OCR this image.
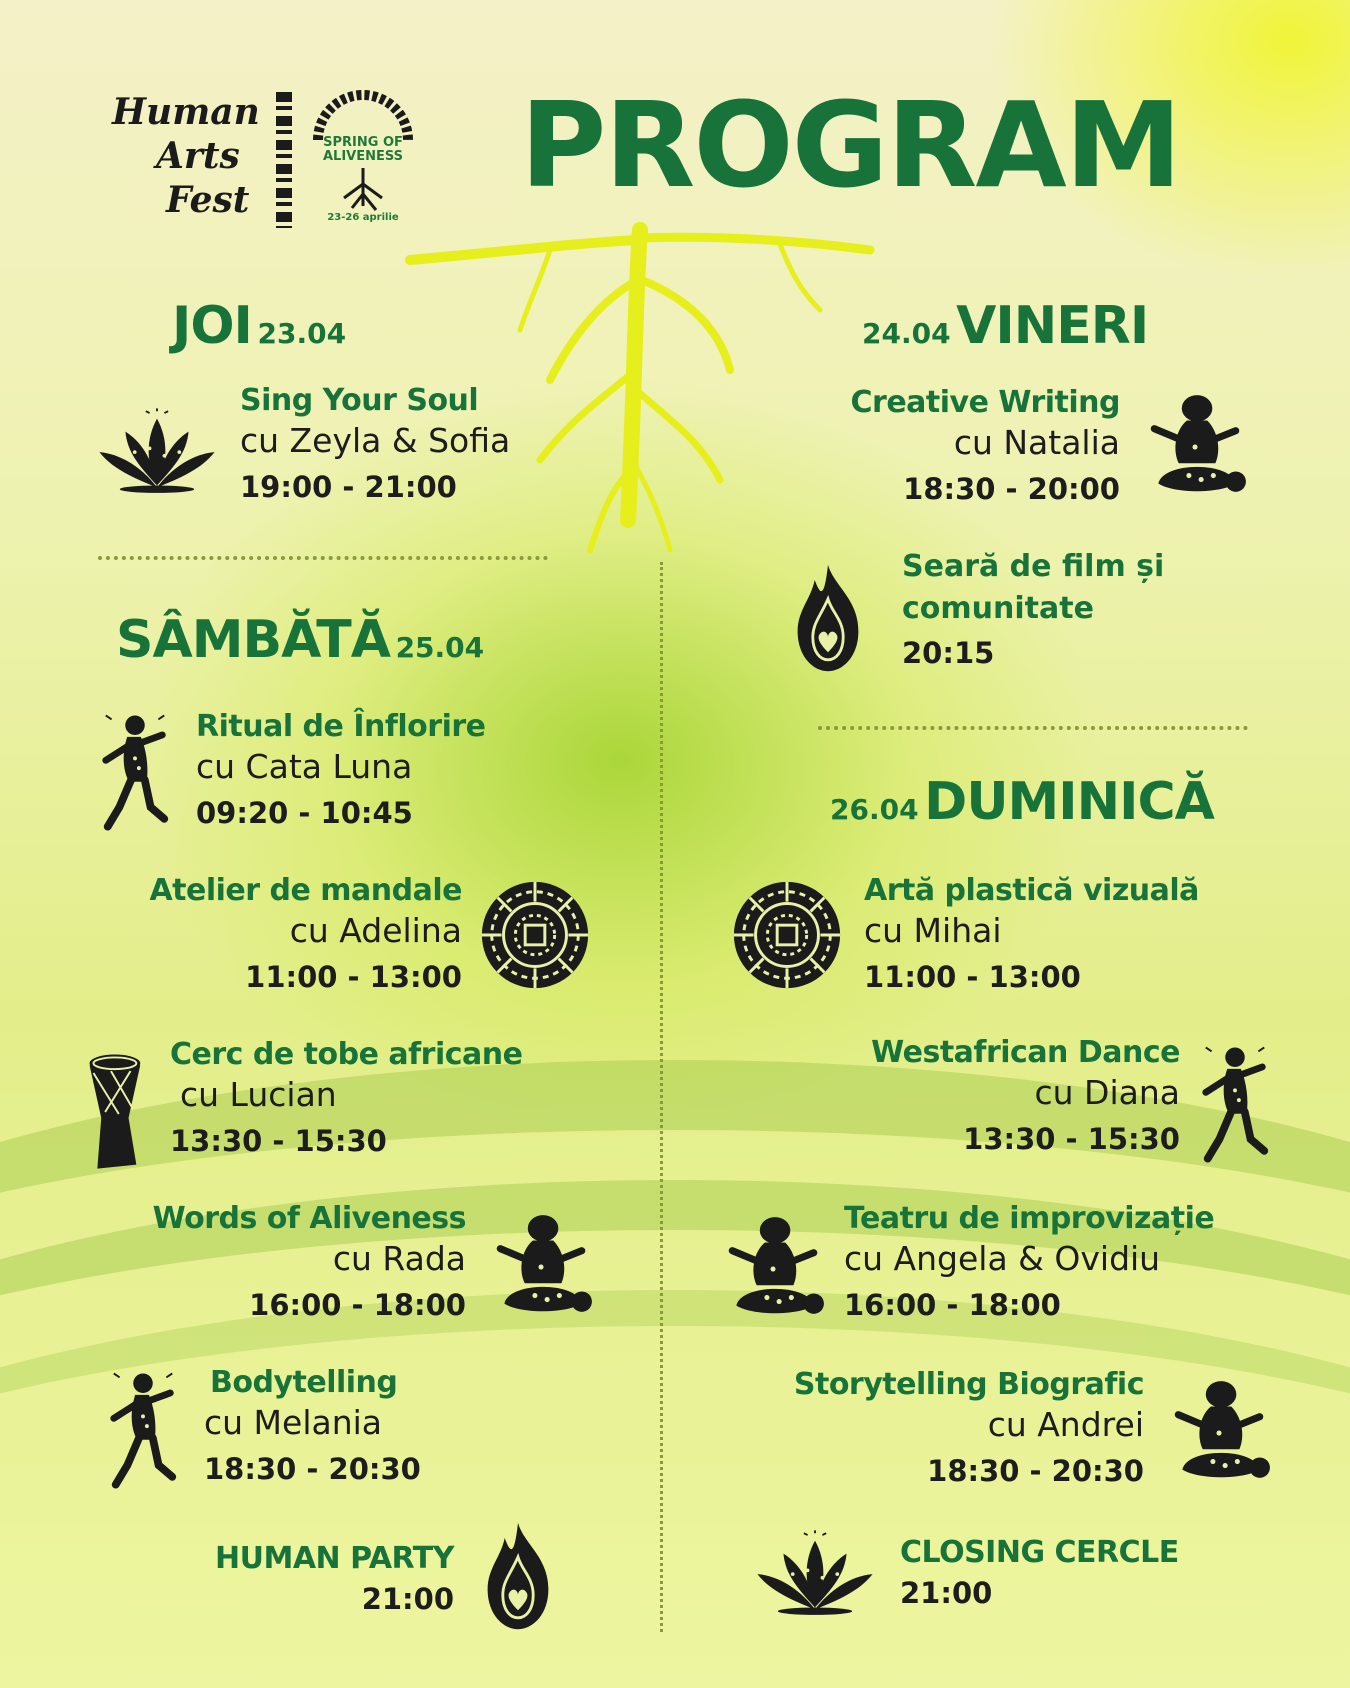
Human
Arts
Fest
SPRING OF
ALIVENESS
23-26 aprilie
PROGRAM
JOI 23.04	24.04 VINERI
SÂMBĂTĂ 25.04
26.04 DUMINICĂ
Sing Your Soul
cu Zeyla & Sofia
19:00 - 21:00
Creative Writing
cu Natalia
18:30 - 20:00
Seară de film și
comunitate
20:15
Ritual de Înflorire
cu Cata Luna
09:20 - 10:45
Atelier de mandale
cu Adelina
11:00 - 13:00
Cerc de tobe africane
cu Lucian
13:30 - 15:30
Words of Aliveness
cu Rada
16:00 - 18:00
Bodytelling
cu Melania
18:30 - 20:30
HUMAN PARTY
21:00
Artă plastică vizuală
cu Mihai
11:00 - 13:00
Westafrican Dance
cu Diana
13:30 - 15:30
Teatru de improvizație
cu Angela & Ovidiu
16:00 - 18:00
Storytelling Biografic
cu Andrei
18:30 - 20:30
CLOSING CERCLE
21:00
